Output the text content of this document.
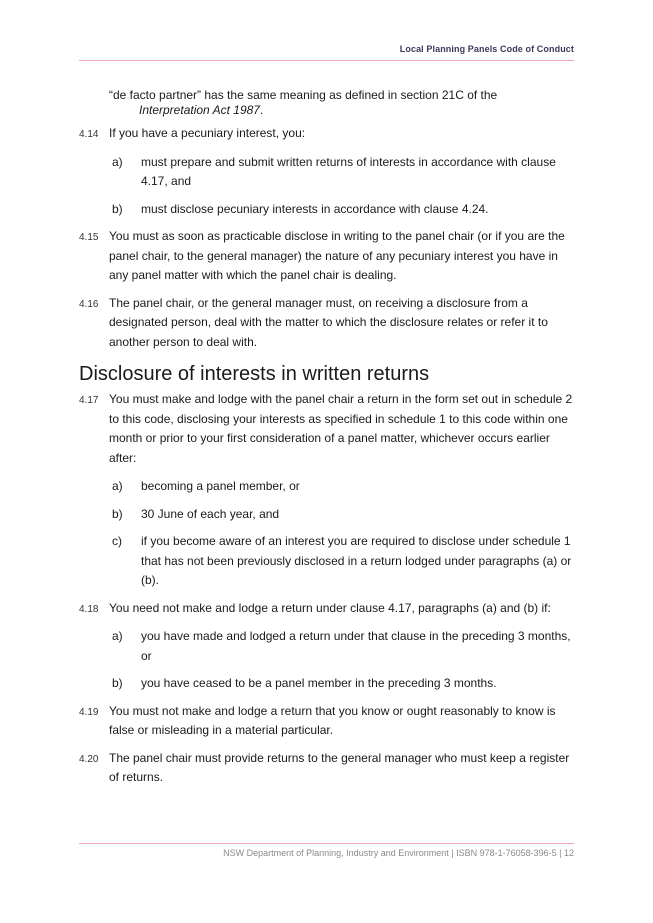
Local Planning Panels Code of Conduct
“de facto partner” has the same meaning as defined in section 21C of the
Interpretation Act 1987.
4.14 If you have a pecuniary interest, you:
a) must prepare and submit written returns of interests in accordance with clause 4.17, and
b) must disclose pecuniary interests in accordance with clause 4.24.
4.15 You must as soon as practicable disclose in writing to the panel chair (or if you are the panel chair, to the general manager) the nature of any pecuniary interest you have in any panel matter with which the panel chair is dealing.
4.16 The panel chair, or the general manager must, on receiving a disclosure from a designated person, deal with the matter to which the disclosure relates or refer it to another person to deal with.
Disclosure of interests in written returns
4.17 You must make and lodge with the panel chair a return in the form set out in schedule 2 to this code, disclosing your interests as specified in schedule 1 to this code within one month or prior to your first consideration of a panel matter, whichever occurs earlier after:
a) becoming a panel member, or
b) 30 June of each year, and
c) if you become aware of an interest you are required to disclose under schedule 1 that has not been previously disclosed in a return lodged under paragraphs (a) or (b).
4.18 You need not make and lodge a return under clause 4.17, paragraphs (a) and (b) if:
a) you have made and lodged a return under that clause in the preceding 3 months, or
b) you have ceased to be a panel member in the preceding 3 months.
4.19 You must not make and lodge a return that you know or ought reasonably to know is false or misleading in a material particular.
4.20 The panel chair must provide returns to the general manager who must keep a register of returns.
NSW Department of Planning, Industry and Environment | ISBN 978-1-76058-396-5 | 12
